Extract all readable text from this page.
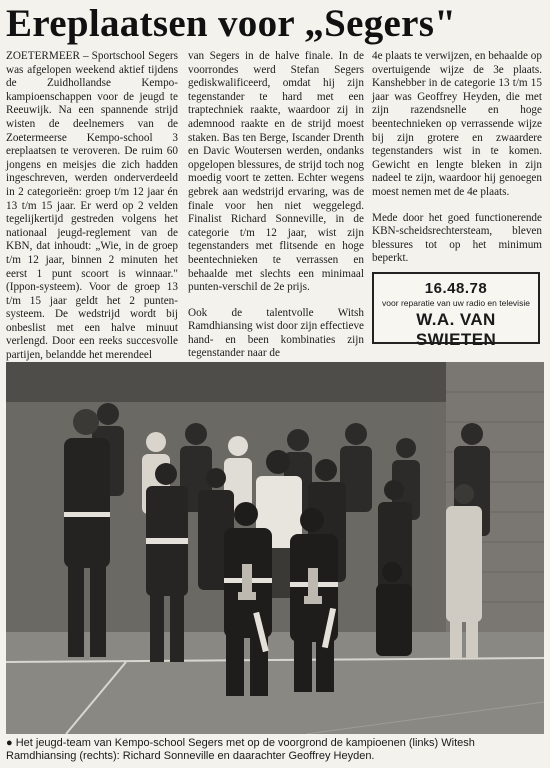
Ereplaatsen voor „Segers"

ZOETERMEER – Sportschool Segers was afgelopen weekend aktief tijdens de Zuidhollandse Kempo-kampioenschappen voor de jeugd te Reeuwijk. Na een spannende strijd wisten de deelnemers van de Zoetermeerse Kempo-school 3 ereplaatsen te veroveren. De ruim 60 jongens en meisjes die zich hadden ingeschreven, werden onderverdeeld in 2 categorieën: groep t/m 12 jaar én 13 t/m 15 jaar. Er werd op 2 velden tegelijkertijd gestreden volgens het nationaal jeugd-reglement van de KBN, dat inhoudt: „Wie, in de groep t/m 12 jaar, binnen 2 minuten het eerst 1 punt scoort is winnaar." (Ippon-systeem). Voor de groep 13 t/m 15 jaar geldt het 2 punten-systeem. De wedstrijd wordt bij onbeslist met een halve minuut verlengd. Door een reeks succesvolle partijen, belandde het merendeel

van Segers in de halve finale. In de voorrondes werd Stefan Segers gediskwalificeerd, omdat hij zijn tegenstander te hard met een traptechniek raakte, waardoor zij in ademnood raakte en de strijd moest staken. Bas ten Berge, Iscander Drenth en Davic Woutersen werden, ondanks opgelopen blessures, de strijd toch nog moedig voort te zetten. Echter wegens gebrek aan wedstrijd ervaring, was de finale voor hen niet weggelegd. Finalist Richard Sonneville, in de categorie t/m 12 jaar, wist zijn tegenstanders met flitsende en hoge beentechnieken te verrassen en behaalde met slechts een minimaal punten-verschil de 2e prijs.

Ook de talentvolle Witsh Ramdhiansing wist door zijn effectieve hand- en been kombinaties zijn tegenstander naar de

4e plaats te verwijzen, en behaalde op overtuigende wijze de 3e plaats. Kanshebber in de categorie 13 t/m 15 jaar was Geoffrey Heyden, die met zijn razendsnelle en hoge beentechnieken op verrassende wijze bij zijn grotere en zwaardere tegenstanders wist in te komen. Gewicht en lengte bleken in zijn nadeel te zijn, waardoor hij genoegen moest nemen met de 4e plaats.

Mede door het goed functionerende KBN-scheidsrechtersteam, bleven blessures tot op het minimum beperkt.

16.48.78
voor reparatie van uw radio en televisie
W.A. VAN SWIETEN
● Het jeugd-team van Kempo-school Segers met op de voorgrond de kampioenen (links) Witesh Ramdhiansing (rechts): Richard Sonneville en daarachter Geoffrey Heyden.
